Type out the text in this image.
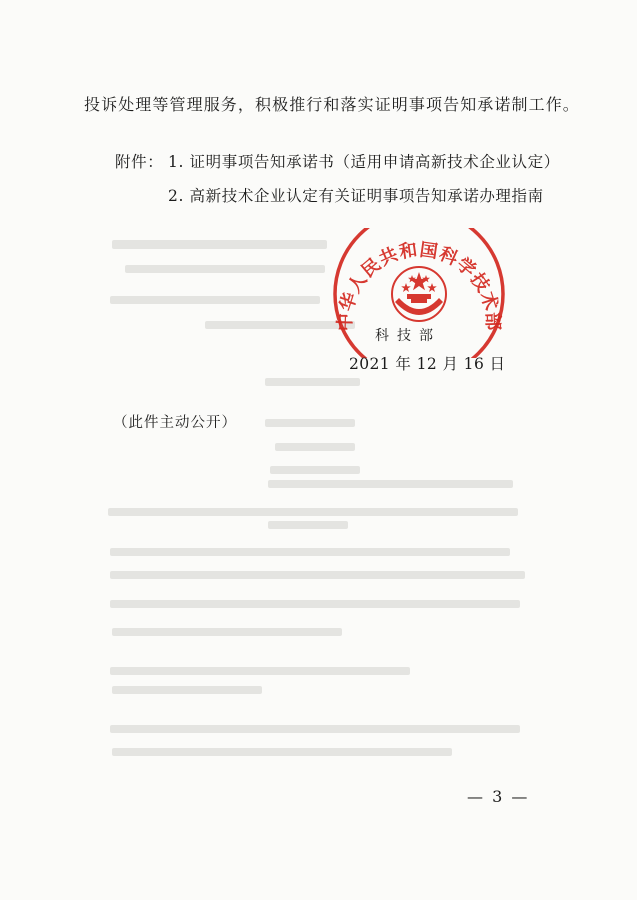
投诉处理等管理服务，积极推行和落实证明事项告知承诺制工作。
附件： 1. 证明事项告知承诺书（适用申请高新技术企业认定）
2. 高新技术企业认定有关证明事项告知承诺办理指南
中华人民共和国科学技术部
科技部
2021 年 12 月 16 日
（此件主动公开）
— 3 —
